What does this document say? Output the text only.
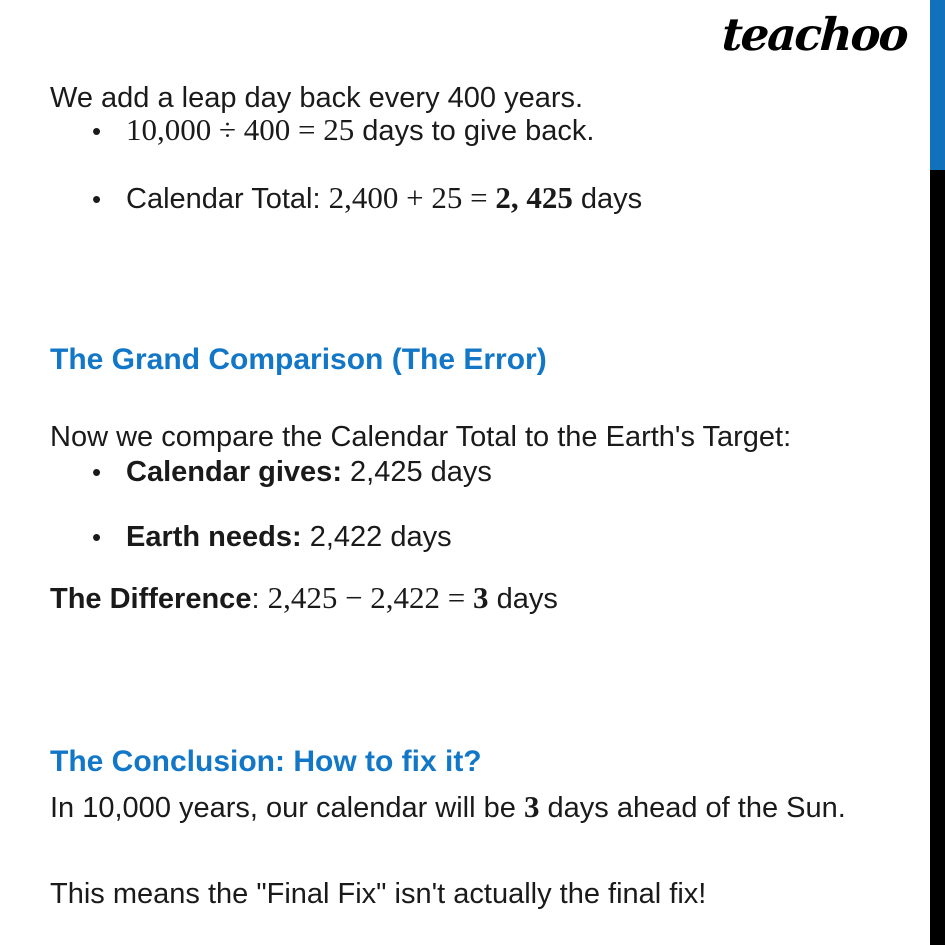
teachoo

We add a leap day back every 400 years.

• 10,000 ÷ 400 = 25 days to give back.
• Calendar Total: 2,400 + 25 = 2, 425 days
The Grand Comparison (The Error)

Now we compare the Calendar Total to the Earth's Target:

• Calendar gives: 2,425 days
• Earth needs: 2,422 days
The Difference: 2,425 − 2,422 = 3 days
The Conclusion: How to fix it?
In 10,000 years, our calendar will be 3 days ahead of the Sun.

This means the "Final Fix" isn't actually the final fix!
